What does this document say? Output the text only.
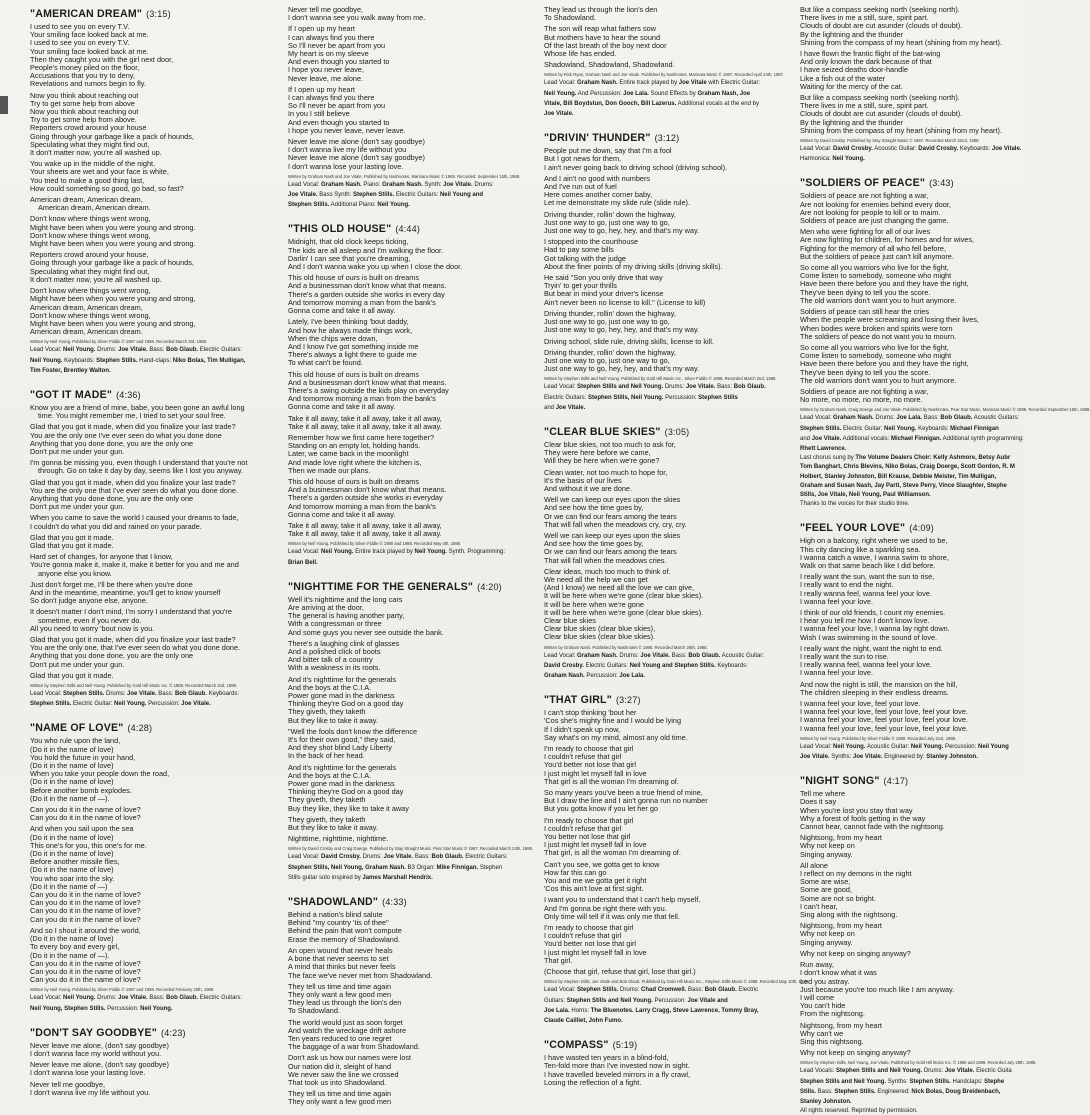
"AMERICAN DREAM" (3:15)
I used to see you on every T.V.
Your smiling face looked back at me.
I used to see you on every T.V.
Your smiling face looked back at me.
Then they caught you with the girl next door,
People's money piled on the floor,
Accusations that you try to deny,
Revelations and rumors begin to fly.
Now you think about reaching out
Try to get some help from above
Now you think about reaching out
Try to get some help from above.
Reporters crowd around your house
Going through your garbage like a pack of hounds,
Speculating what they might find out,
It don't matter now, you're all washed up.
You wake up in the middle of the night,
Your sheets are wet and your face is white,
You tried to make a good thing last,
How could something so good, go bad, so fast?
American dream, American dream,
American dream, American dream.
Don't know where things went wrong,
Might have been when you were young and strong.
Don't know where things went wrong,
Might have been when you were young and strong.
Reporters crowd around your house,
Going through your garbage like a pack of hounds,
Speculating what they might find out,
It don't matter now, you're all washed up.
Don't know where things went wrong,
Might have been when you were young and strong,
American dream, American dream,
Don't know where things went wrong,
Might have been when you were young and strong,
American dream, American dream.
Written by Neil Young. Published by Silver Fiddle © 1987 and 1988. Recorded March 3rd, 1988.
Lead Vocal: Neil Young. Drums: Joe Vitale. Bass: Bob Glaub. Electric Guitars:
Neil Young. Keyboards: Stephen Stills. Hand-claps: Niko Bolas, Tim Mulligan,
Tim Foster, Brentley Walton.
"GOT IT MADE" (4:36)
Know you are a friend of mine, babe, you been gone an awful long
time. You might remember me, I tried to set your soul free.
Glad that you got it made, when did you finalize your last trade?
You are the only one I've ever seen do what you done done
Anything that you done done, you are the only one
Don't put me under your gun.
I'm gonna be missing you, even though I understand that you're not
through. Go on take it day by day, seems like I lost you anyway.
Glad that you got it made, when did you finalize your last trade?
You are the only one that I've ever seen do what you done done.
Anything that you done done, you are the only one
Don't put me under your gun.
When you came to save the world I caused your dreams to fade,
I couldn't do what you did and rained on your parade.
Glad that you got it made.
Glad that you got it made.
Hard set of changes, for anyone that I know,
You're gonna make it, make it, make it better for you and me and
anyone else you know.
Just don't forget me, I'll be there when you're done
And in the meantime, meantime, you'll get to know yourself
So don't judge anyone else, anyone.
It doesn't matter I don't mind, I'm sorry I understand that you're
sometime, even if you never do.
All you need to worry 'bout now is you.
Glad that you got it made, when did you finalize your last trade?
You are the only one, that I've ever seen do what you done done.
Anything that you done done, you are the only one
Don't put me under your gun.
Glad that you got it made.
Written by Stephen Stills and Neil Young. Published by Gold Hill Music Inc. © 1988. Recorded March 2nd, 1988.
Lead Vocal: Stephen Stills. Drums: Joe Vitale. Bass: Bob Glaub. Keyboards:
Stephen Stills. Electric Guitar: Neil Young. Percussion: Joe Vitale.
"NAME OF LOVE" (4:28)
You who rule upon the land,
(Do it in the name of love)
You hold the future in your hand,
(Do it in the name of love)
When you take your people down the road,
(Do it in the name of love)
Before another bomb explodes.
(Do it in the name of —).
Can you do it in the name of love?
Can you do it in the name of love?
And when you sail upon the sea
(Do it in the name of love)
This one's for you, this one's for me.
(Do it in the name of love)
Before another missile flies,
(Do it in the name of love)
You who soar into the sky.
(Do it in the name of —)
Can you do it in the name of love?
Can you do it in the name of love?
Can you do it in the name of love?
Can you do it in the name of love?
And so I shout it around the world,
(Do it in the name of love)
To every boy and every girl,
(Do it in the name of —).
Can you do it in the name of love?
Can you do it in the name of love?
Can you do it in the name of love?
Written by Neil Young. Published by Silver Fiddle © 1987 and 1988. Recorded February 25th, 1988.
Lead Vocal: Neil Young. Drums: Joe Vitale. Bass: Bob Glaub. Electric Guitars:
Neil Young, Stephen Stills. Percussion: Neil Young.
"DON'T SAY GOODBYE" (4:23)
Never leave me alone, (don't say goodbye)
I don't wanna face my world without you.
Never leave me alone, (don't say goodbye)
I don't wanna lose your lasting love.
Never tell me goodbye,
I don't wanna live my life without you.
Never tell me goodbye,
I don't wanna see you walk away from me.
If I open up my heart
I can always find you there
So I'll never be apart from you
My heart is on my sleeve
And even though you started to
I hope you never leave,
Never leave, me alone.
If I open up my heart
I can always find you there
So I'll never be apart from you
In you I still believe
And even though you started to
I hope you never leave, never leave.
Never leave me alone (don't say goodbye)
I don't wanna live my life without you
Never leave me alone (don't say goodbye)
I don't wanna lose your lasting love.
Written by Graham Nash and Joe Vitale. Published by Nashnotes, Marinara Music © 1988. Recorded: September 15th, 1988.
Lead Vocal: Graham Nash. Piano: Graham Nash. Synth: Joe Vitale. Drums:
Joe Vitale. Bass Synth: Stephen Stills. Electric Guitars: Neil Young and
Stephen Stills. Additional Piano: Neil Young.
"THIS OLD HOUSE" (4:44)
Midnight, that old clock keeps ticking,
The kids are all asleep and I'm walking the floor.
Darlin' I can see that you're dreaming,
And I don't wanna wake you up when I close the door.
This old house of ours is built on dreams
And a businessman don't know what that means.
There's a garden outside she works in every day
And tomorrow morning a man from the bank's
Gonna come and take it all away.
Lately, I've been thinking 'bout daddy,
And how he always made things work,
When the chips were down,
And I know I've got something inside me
There's always a light there to guide me
To what can't be found.
This old house of ours is built on dreams
And a businessman don't know what that means.
There's a swing outside the kids play on everyday
And tomorrow morning a man from the bank's
Gonna come and take it all away.
Take it all away, take it all away, take it all away,
Take it all away, take it all away, take it all away.
Remember how we first came here together?
Standing on an empty lot, holding hands.
Later, we came back in the moonlight
And made love right where the kitchen is,
Then we made our plans.
This old house of ours is built on dreams
And a businessman don't know what that means.
There's a garden outside she works in everyday
And tomorrow morning a man from the bank's
Gonna come and take it all away.
Take it all away, take it all away, take it all away,
Take it all away, take it all away, take it all away.
Written by Neil Young. Published by Silver Fiddle © 1980 and 1988. Recorded May 4th, 1988.
Lead Vocal: Neil Young. Entire track played by Neil Young. Synth. Programming:
Brian Bell.
"NIGHTTIME FOR THE GENERALS" (4:20)
Well it's nighttime and the long cars
Are arriving at the door,
The general is having another party,
With a congressman or three
And some guys you never see outside the bank.
There's a laughing clink of glasses
And a polished click of boots
And bitter talk of a country
With a weakness in its roots.
And it's nighttime for the generals
And the boys at the C.I.A.
Power gone mad in the darkness
Thinking they're God on a good day
They giveth, they taketh
But they like to take it away.
"Well the fools don't know the difference
It's for their own good," they said,
And they shot blind Lady Liberty
In the back of her head.
And it's nighttime for the generals
And the boys at the C.I.A.
Power gone mad in the darkness
Thinking they're God on a good day
They giveth, they taketh
Buy they like, they like to take it away
They giveth, they taketh
But they like to take it away.
Nighttime, nighttime, nighttime.
Written by David Crosby and Craig Doerge. Published by Stay Straight Music. Pear Star Music © 1987. Recorded March 24th, 1988.
Lead Vocal: David Crosby. Drums: Joe Vitale. Bass: Bob Glaub. Electric Guitars:
Stephen Stills, Neil Young, Graham Nash. B3 Organ: Mike Finnigan. Stephen
Stills guitar solo inspired by James Marshall Hendrix.
"SHADOWLAND" (4:33)
Behind a nation's blind salute
Behind "my country 'tis of thee"
Behind the pain that won't compute
Erase the memory of Shadowland.
An open wound that never heals
A bone that never seems to set
A mind that thinks but never feels
The face we've never met from Shadowland.
They tell us time and time again
They only want a few good men
They lead us through the lion's den
To Shadowland.
The world would just as soon forget
And watch the wreckage drift ashore
Ten years reduced to one regret
The baggage of a war from Shadowland.
Don't ask us how our names were lost
Our nation did it, sleight of hand
We never saw the line we crossed
That took us into Shadowland.
They tell us time and time again
They only want a few good men
They lead us through the lion's den
To Shadowland.
The son will reap what fathers sow
But mothers have to hear the sound
Of the last breath of the boy next door
Whose life has ended.
Shadowland, Shadowland, Shadowland.
Written by Rick Ryan, Graham Nash and Joe Vitale. Published by Nashnotes, Marinara Music © 1987. Recorded April 24th, 1987.
Lead Vocal: Graham Nash. Entire track played by Joe Vitale with Electric Guitar:
Neil Young. And Percussion: Joe Lala. Sound Effects by Graham Nash, Joe
Vitale, Bill Boydstun, Don Gooch, Bill Lazerus. Additional vocals at the end by
Joe Vitale.
"DRIVIN' THUNDER" (3:12)
People put me down, say that I'm a fool
But I got news for them,
I ain't never going back to driving school (driving school).
And I ain't no good with numbers
And I've run out of fuel
Here comes another corner baby,
Let me demonstrate my slide rule (slide rule).
Driving thunder, rollin' down the highway,
Just one way to go, just one way to go,
Just one way to go, hey, hey, and that's my way.
I stopped into the courthouse
Had to pay some bills
Got talking with the judge
About the finer points of my driving skills (driving skills).
He said "Son you only drive that way
Tryin' to get your thrills
But bear in mind your driver's license
Ain't never been no license to kill." (License to kill)
Driving thunder, rollin' down the highway,
Just one way to go, just one way to go,
Just one way to go, hey, hey, and that's my way.
Driving school, slide rule, driving skills, license to kill.
Driving thunder, rollin' down the highway,
Just one way to go, just one way to go,
Just one way to go, hey, hey, and that's my way.
Written by Stephen Stills and Neil Young. Published by Gold Hill Music Inc., Silver Fiddle © 1988. Recorded March 2nd, 1988.
Lead Vocal: Stephen Stills and Neil Young. Drums: Joe Vitale. Bass: Bob Glaub.
Electric Guitars: Stephen Stills, Neil Young. Percussion: Stephen Stills
and Joe Vitale.
"CLEAR BLUE SKIES" (3:05)
Clear blue skies, not too much to ask for,
They were here before we came,
Will they be here when we're gone?
Clean water, not too much to hope for,
It's the basis of our lives
And without it we are done.
Well we can keep our eyes upon the skies
And see how the time goes by,
Or we can find our fears among the tears
That will fall when the meadows cry, cry, cry.
Well we can keep our eyes upon the skies
And see how the time goes by,
Or we can find our fears among the tears
That will fall when the meadows cries.
Clear ideas, much too much to think of.
We need all the help we can get
(And I know) we need all the love we can give,
It will be here when we're gone (clear blue skies).
It will be here when we're gone
It will be here when we're gone (clear blue skies).
Clear blue skies
Clear blue skies (clear blue skies),
Clear blue skies (clear blue skies).
Written by Graham Nash. Published by Nashnotes © 1986. Recorded March 28th, 1988.
Lead Vocal: Graham Nash. Drums: Joe Vitale. Bass: Bob Glaub. Acoustic Guitar:
David Crosby. Electric Guitars: Neil Young and Stephen Stills. Keyboards:
Graham Nash. Percussion: Joe Lala.
"THAT GIRL" (3:27)
I can't stop thinking 'bout her
'Cos she's mighty fine and I would be lying
If I didn't speak up now,
Say what's on my mind, almost any old time.
I'm ready to choose that girl
I couldn't refuse that girl
You'd better not lose that girl
I just might let myself fall in love
That girl is all the woman I'm dreaming of.
So many years you've been a true friend of mine,
But I draw the line and I ain't gonna run no number
But you gotta know if you let her go
I'm ready to choose that girl
I couldn't refuse that girl
You better not lose that girl
I just might let myself fall in love
That girl, is all the woman I'm dreaming of.
Can't you see, we gotta get to know
How far this can go
You and me we gotta get it right
'Cos this ain't love at first sight.
I want you to understand that I can't help myself,
And I'm gonna be right there with you.
Only time will tell if it was only me that fell.
I'm ready to choose that girl
I couldn't refuse that girl
You'd better not lose that girl
I just might let myself fall in love
That girl.
(Choose that girl, refuse that girl, lose that girl.)
Written by Stephen Stills, Joe Vitale and Bob Glaub. Published by Gold Hill Music Inc., Stephen Stills Music © 1988. Recorded May 10th, 1988.
Lead Vocal: Stephen Stills. Drums: Chad Cromwell. Bass: Bob Glaub. Electric
Guitars: Stephen Stills and Neil Young. Percussion: Joe Vitale and
Joe Lala. Horns: The Bluenotes. Larry Cragg, Steve Lawrence, Tommy Bray,
Claude Cailliet, John Fumo.
"COMPASS" (5:19)
I have wasted ten years in a blind-fold,
Ten-fold more than I've invested now in sight.
I have travelled beveled mirrors in a fly crawl,
Losing the reflection of a fight.
But like a compass seeking north (seeking north).
There lives in me a still, sure, spirit part.
Clouds of doubt are cut asunder (clouds of doubt).
By the lightning and the thunder
Shining from the compass of my heart (shining from my heart).
I have flown the frantic flight of the bat-wing
And only known the dark because of that
I have seized deaths door-handle
Like a fish out of the water
Waiting for the mercy of the cat.
But like a compass seeking north (seeking north).
There lives in me a still, sure, spirit part.
Clouds of doubt are cut asunder (clouds of doubt).
By the lightning and the thunder
Shining from the compass of my heart (shining from my heart).
Written by David Crosby. Published by Stay Straight Music © 1987. Recorded March 22nd, 1988.
Lead Vocal: David Crosby. Acoustic Guitar: David Crosby. Keyboards: Joe Vitale.
Harmonica: Neil Young.
"SOLDIERS OF PEACE" (3:43)
Soldiers of peace are not fighting a war,
Are not looking for enemies behind every door,
Are not looking for people to kill or to maim.
Soldiers of peace are just changing the game.
Men who were fighting for all of our lives
Are now fighting for children, for homes and for wives,
Fighting for the memory of all who fell before,
But the soldiers of peace just can't kill anymore.
So come all you warriors who live for the fight,
Come listen to somebody, someone who might
Have been there before you and they have the right,
They've been dying to tell you the score.
The old warriors don't want you to hurt anymore.
Soldiers of peace can still hear the cries
When the people were screaming and losing their lives,
When bodies were broken and spirits were torn
The soldiers of peace do not want you to mourn.
So come all you warriors who live for the fight,
Come listen to somebody, someone who might
Have been there before you and they have the right,
They've been dying to tell you the score.
The old warriors don't want you to hurt anymore.
Soldiers of peace are not fighting a war,
No more, no more, no more, no more.
Written by Graham Nash, Craig Doerge and Joe Vitale. Published by Nashnotes, Pear Star Music, Marinara Music © 1988. Recorded September 16th, 1988.
Lead Vocal: Graham Nash. Drums: Joe Lala. Bass: Bob Glaub. Acoustic Guitars:
Stephen Stills. Electric Guitar: Neil Young. Keyboards: Michael Finnigan
and Joe Vitale. Additional vocals: Michael Finnigan. Additional synth programming:
Rhett Lawrence.
Last chorus sung by The Volume Dealers Choir: Kelly Ashmore, Betsy Aubr
Tom Banghart, Chris Blevins, Niko Bolas, Craig Doerge, Scott Gordon, R. M
Holbert, Stanley Johnston, Bill Krause, Debbie Meister, Tim Mulligan,
Graham and Susan Nash, Jay Parti, Steve Perry, Vince Slaughter, Stephe
Stills, Joe Vitale, Neil Young, Paul Williamson.
Thanks to the voices for their studio time.
"FEEL YOUR LOVE" (4:09)
High on a balcony, right where we used to be,
This city dancing like a sparkling sea.
I wanna catch a wave, I wanna swim to shore,
Walk on that same beach like I did before.
I really want the sun, want the sun to rise,
I really want to end the night.
I really wanna feel, wanna feel your love.
I wanna feel your love.
I think of our old friends, I count my enemies.
I hear you tell me how I don't know love.
I wanna feel your love, I wanna lay right down.
Wish I was swimming in the sound of love.
I really want the night, want the night to end.
I really want the sun to rise.
I really wanna feel, wanna feel your love.
I wanna feel your love.
And now the night is still, the mansion on the hill,
The children sleeping in their endless dreams.
I wanna feel your love, feel your love.
I wanna feel your love, feel your love, feel your love.
I wanna feel your love, feel your love, feel your love.
I wanna feel your love, feel your love, feel your love.
Written by Neil Young. Published by Silver Fiddle © 1988. Recorded July 21st, 1988.
Lead Vocal: Neil Young. Acoustic Guitar: Neil Young. Percussion: Neil Young
Joe Vitale. Synths: Joe Vitale. Engineered by: Stanley Johnston.
"NIGHT SONG" (4:17)
Tell me where
Does it say
When you're lost you stay that way
Why a forest of fools getting in the way
Cannot hear, cannot fade with the nightsong.
Nightsong, from my heart
Why not keep on
Singing anyway.
All alone
I reflect on my demons in the night
Some are wise,
Some are good,
Some are not so bright.
I can't hear,
Sing along with the nightsong.
Nightsong, from my heart
Why not keep on
Singing anyway.
Why not keep on singing anyway?
Run away,
I don't know what it was
Led you astray.
Just because you're too much like I am anyway.
I will come
You can't hide
From the nightsong.
Nightsong, from my heart
Why can't we
Sing this nightsong.
Why not keep on singing anyway?
Written by Stephen Stills, Neil Young, Joe Vitale. Published by Gold Hill Music Inc. © 1986 and 1988. Recorded July 28th, 1988.
Lead Vocals: Stephen Stills and Neil Young. Drums: Joe Vitale. Electric Guita
Stephen Stills and Neil Young. Synths: Stephen Stills. Handclaps: Stephe
Stills. Bass: Stephen Stills. Engineered: Nick Bolas, Doug Breidenbach,
Stanley Johnston.
All rights reserved. Reprinted by permission.
